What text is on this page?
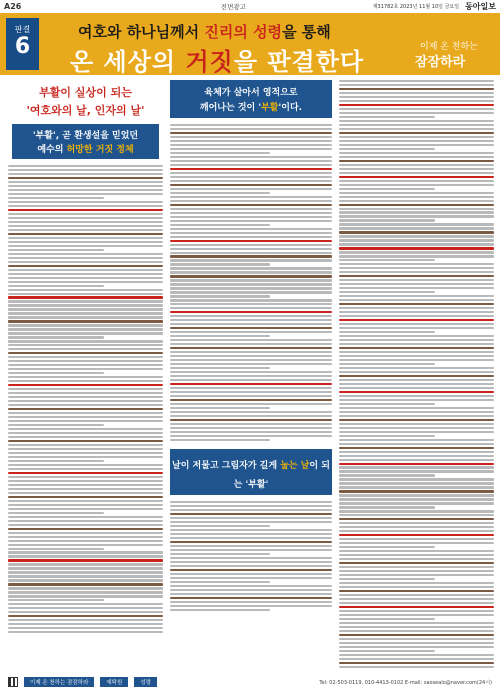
A26	전면광고	제31782호 2023년 11월 10일 금요일 동아일보
판결
6
여호와 하나님께서 진리의 성령을 통해
온 세상의 거짓을 판결한다
이제 온 천하는
잠잠하라
부활이 실상이 되는
'여호와의 날, 인자의 날'
'부활', 곧 환생설을 믿었던
예수의 허망한 거짓 정체
육체가 살아서 영적으로
깨어나는 것이 '부활'이다.
날이 저물고 그림자가 길게 눕는 날이 되는 '부활'
이제 온 천하는 잠잠하라	예탁원	성령	Tel: 02-503-0119, 010-4413-0102 E-mail: saosealo@naver.com(24시)
